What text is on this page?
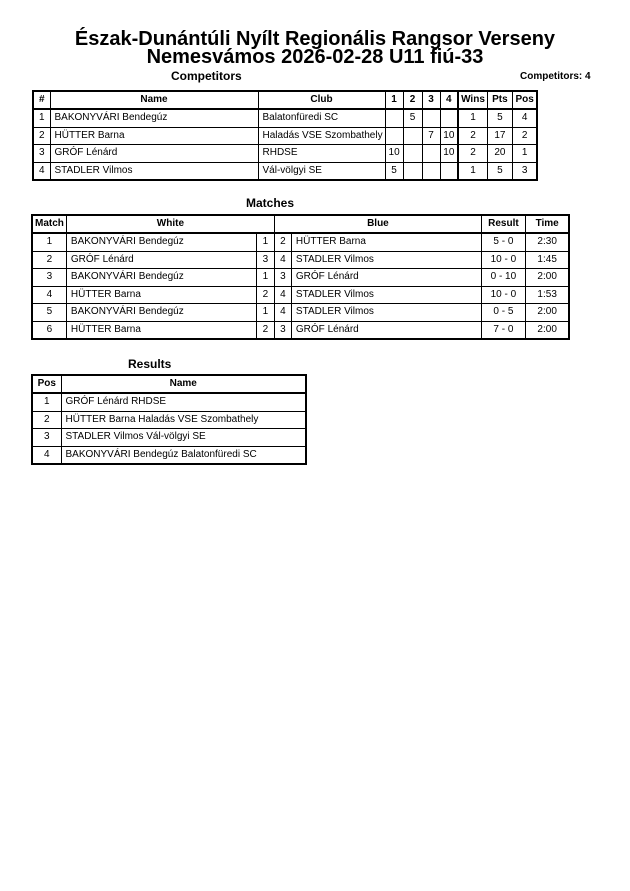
Észak-Dunántúli Nyílt Regionális Rangsor Verseny
Nemesvámos 2026-02-28 U11 fiú-33
Competitors	Competitors: 4
#	Name	Club	1	2	3	4	Wins	Pts	Pos
1	BAKONYVÁRI Bendegúz	Balatonfüredi SC		5			1	5	4
2	HÜTTER Barna	Haladás VSE Szombathely			7	10	2	17	2
3	GRÓF Lénárd	RHDSE	10			10	2	20	1
4	STADLER Vilmos	Vál-völgyi SE	5				1	5	3
Matches
Match	White		Blue		Result	Time
1	BAKONYVÁRI Bendegúz	1	2	HÜTTER Barna	5 - 0	2:30
2	GRÓF Lénárd	3	4	STADLER Vilmos	10 - 0	1:45
3	BAKONYVÁRI Bendegúz	1	3	GRÓF Lénárd	0 - 10	2:00
4	HÜTTER Barna	2	4	STADLER Vilmos	10 - 0	1:53
5	BAKONYVÁRI Bendegúz	1	4	STADLER Vilmos	0 - 5	2:00
6	HÜTTER Barna	2	3	GRÓF Lénárd	7 - 0	2:00
Results
Pos	Name
1	GRÓF Lénárd RHDSE
2	HÜTTER Barna Haladás VSE Szombathely
3	STADLER Vilmos Vál-völgyi SE
4	BAKONYVÁRI Bendegúz Balatonfüredi SC
